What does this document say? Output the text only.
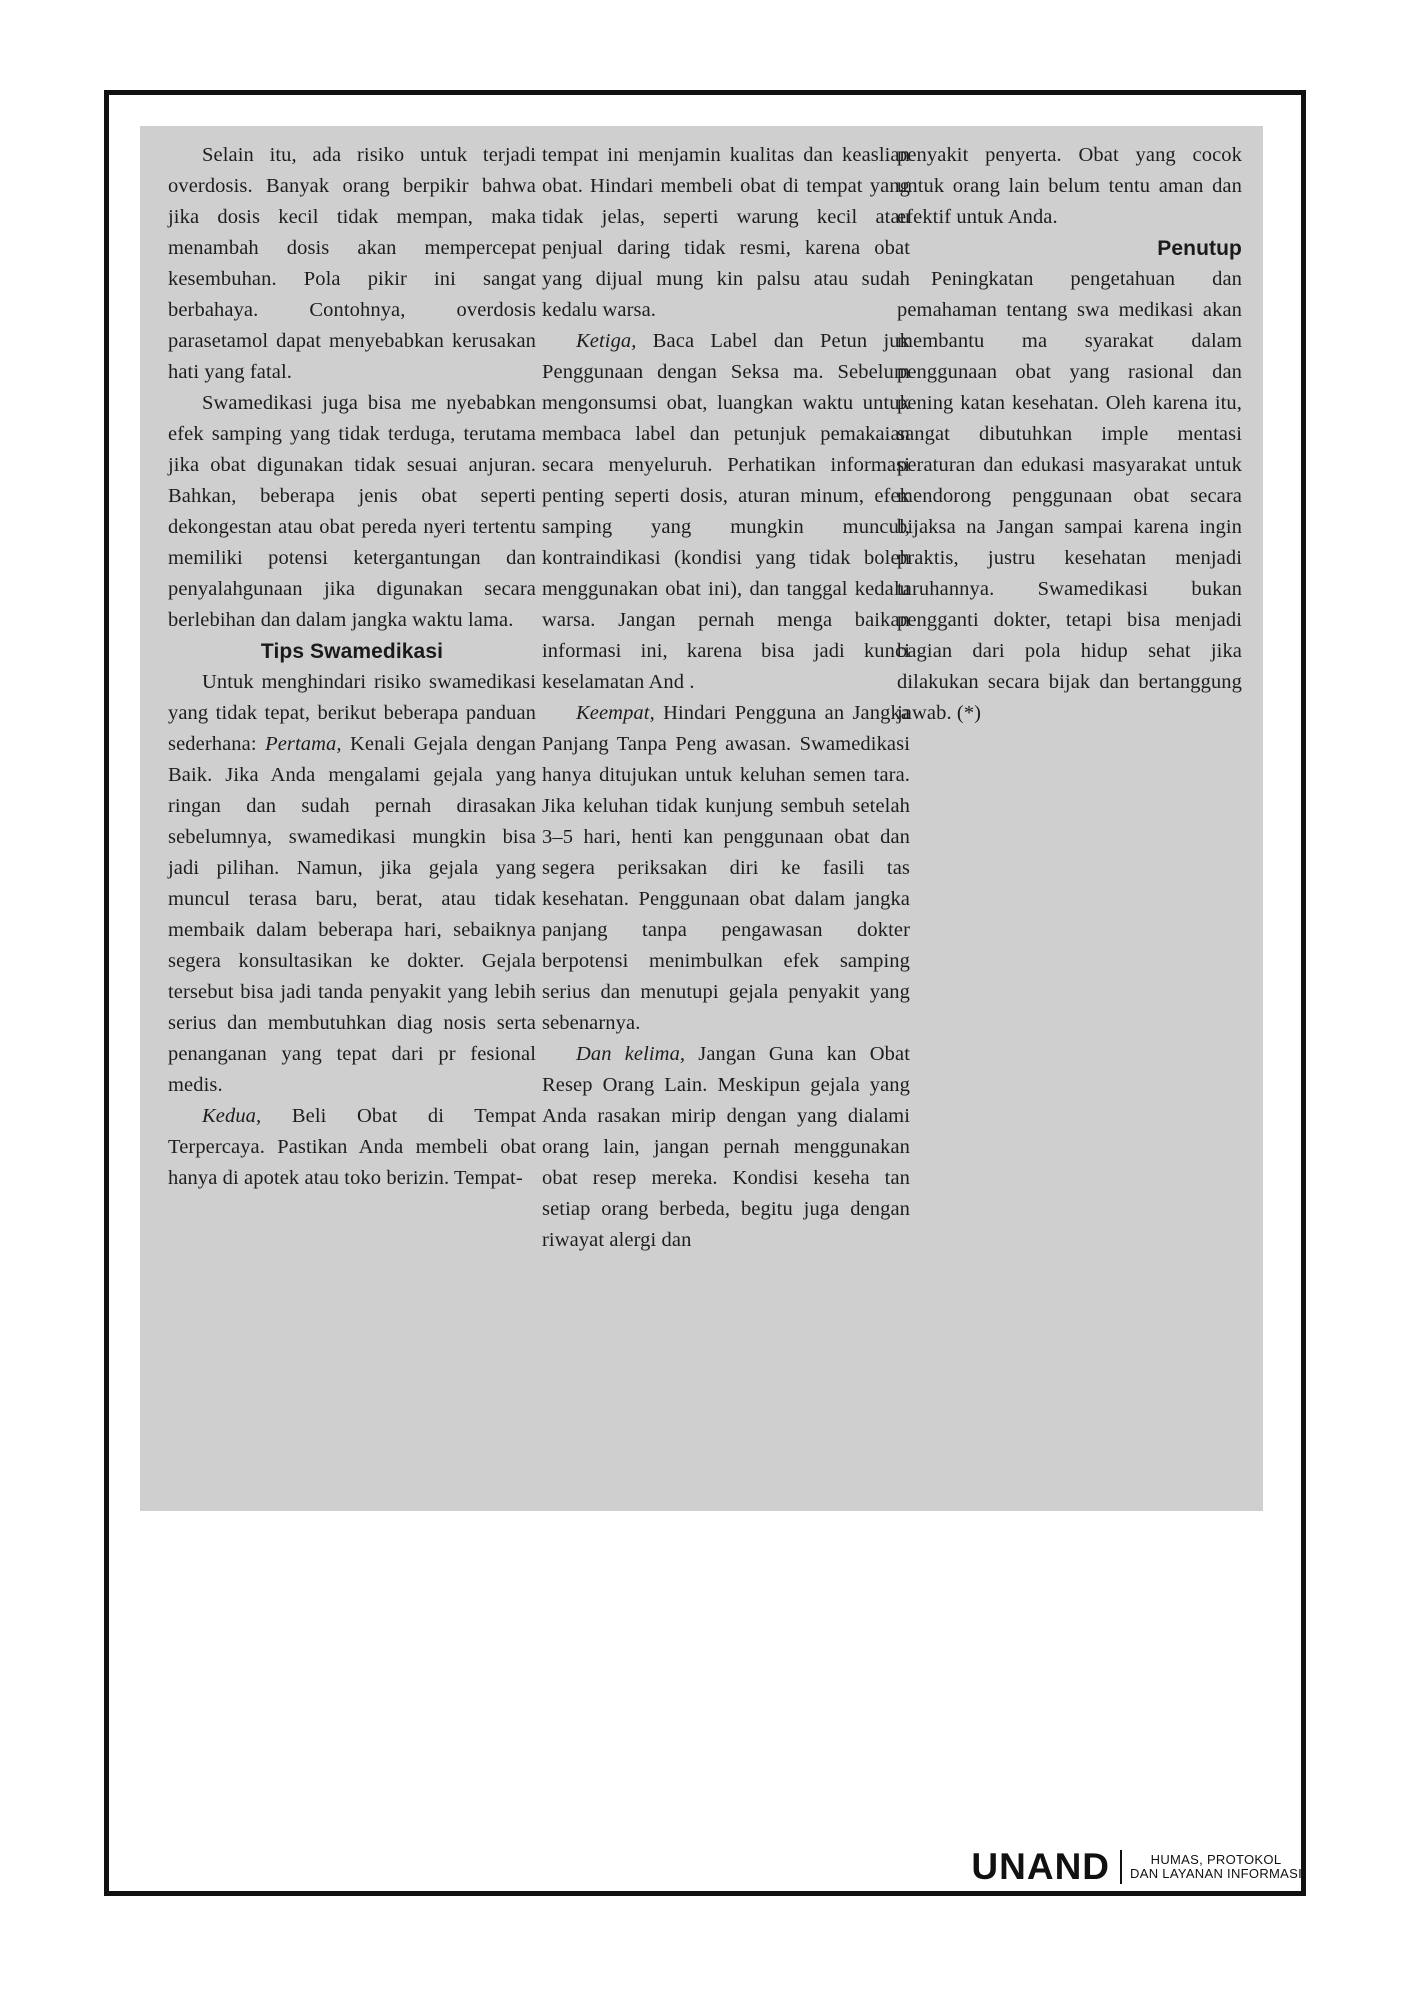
Selain itu, ada risiko untuk terjadi overdosis. Banyak orang berpikir bahwa jika dosis kecil tidak mempan, maka menambah dosis akan mempercepat kesembuhan. Pola pikir ini sangat berbahaya. Contohnya, overdosis parasetamol dapat menyebabkan kerusakan hati yang fatal.

Swamedikasi juga bisa me nyebabkan efek samping yang tidak terduga, terutama jika obat digunakan tidak sesuai anjuran. Bahkan, beberapa jenis obat seperti dekongestan atau obat pereda nyeri tertentu memiliki potensi ketergantungan dan penyalahgunaan jika digunakan secara berlebihan dan dalam jangka waktu lama.

Tips Swamedikasi

Untuk menghindari risiko swamedikasi yang tidak tepat, berikut beberapa panduan sederhana: Pertama, Kenali Gejala dengan Baik. Jika Anda mengalami gejala yang ringan dan sudah pernah dirasakan sebelumnya, swamedikasi mungkin bisa jadi pilihan. Namun, jika gejala yang muncul terasa baru, berat, atau tidak membaik dalam beberapa hari, sebaiknya segera konsultasikan ke dokter. Gejala tersebut bisa jadi tanda penyakit yang lebih serius dan membutuhkan diag nosis serta penanganan yang tepat dari pr fesional medis.

Kedua, Beli Obat di Tempat Terpercaya. Pastikan Anda membeli obat hanya di apotek atau toko berizin. Tempat-

tempat ini menjamin kualitas dan keaslian obat. Hindari membeli obat di tempat yang tidak jelas, seperti warung kecil atau penjual daring tidak resmi, karena obat yang dijual mung kin palsu atau sudah kedalu warsa.

Ketiga, Baca Label dan Petun juk Penggunaan dengan Seksa ma. Sebelum mengonsumsi obat, luangkan waktu untuk membaca label dan petunjuk pemakaian secara menyeluruh. Perhatikan informasi penting seperti dosis, aturan minum, efek samping yang mungkin muncul, kontraindikasi (kondisi yang tidak boleh menggunakan obat ini), dan tanggal kedalu warsa. Jangan pernah menga baikan informasi ini, karena bisa jadi kunci keselamatan And .

Keempat, Hindari Pengguna an Jangka Panjang Tanpa Peng awasan. Swamedikasi hanya ditujukan untuk keluhan semen tara. Jika keluhan tidak kunjung sembuh setelah 3–5 hari, henti kan penggunaan obat dan segera periksakan diri ke fasili tas kesehatan. Penggunaan obat dalam jangka panjang tanpa pengawasan dokter berpotensi menimbulkan efek samping serius dan menutupi gejala penyakit yang sebenarnya.

Dan kelima, Jangan Guna kan Obat Resep Orang Lain. Meskipun gejala yang Anda rasakan mirip dengan yang dialami orang lain, jangan pernah menggunakan obat resep mereka. Kondisi keseha tan setiap orang berbeda, begitu juga dengan riwayat alergi dan

penyakit penyerta. Obat yang cocok untuk orang lain belum tentu aman dan efektif untuk Anda.

Penutup

Peningkatan pengetahuan dan pemahaman tentang swa medikasi akan membantu ma syarakat dalam penggunaan obat yang rasional dan pening katan kesehatan. Oleh karena itu, sangat dibutuhkan imple mentasi peraturan dan edukasi masyarakat untuk mendorong penggunaan obat secara bijaksa na Jangan sampai karena ingin praktis, justru kesehatan menjadi taruhannya. Swamedikasi bukan pengganti dokter, tetapi bisa menjadi bagian dari pola hidup sehat jika dilakukan secara bijak dan bertanggung jawab. (*)

UNAND	HUMAS, PROTOKOL
DAN LAYANAN INFORMASI
